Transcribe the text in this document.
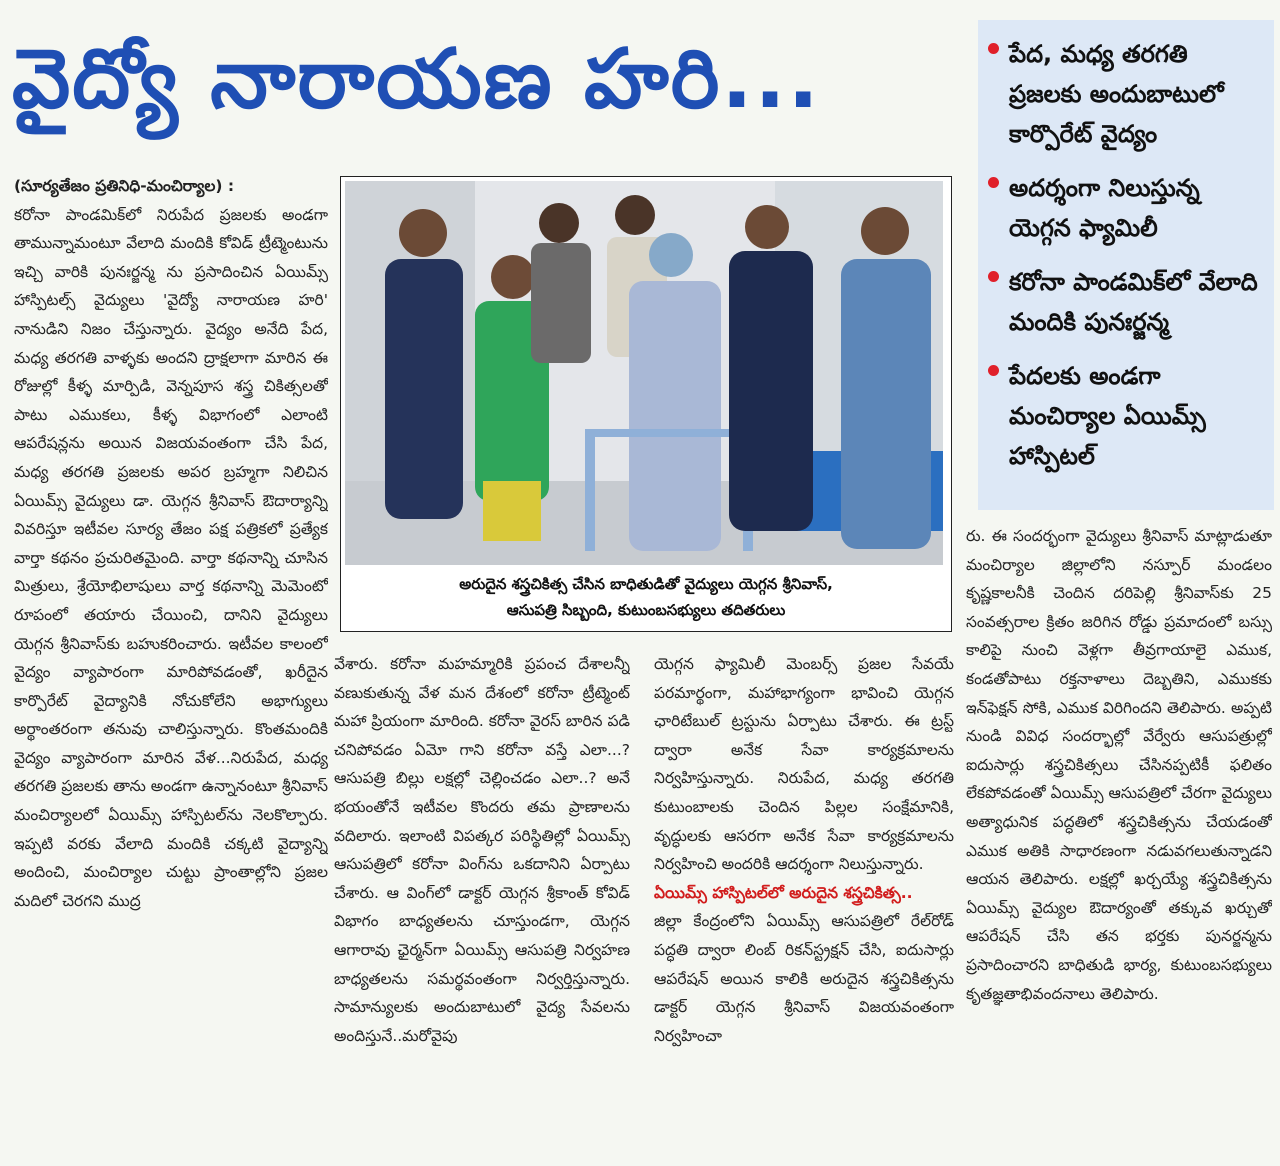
వైద్యో నారాయణ హరి...	పేద, మధ్య తరగతి ప్రజలకు అందుబాటులో కార్పొరేట్ వైద్యం
అదర్శంగా నిలుస్తున్న యెగ్గన ఫ్యామిలీ
కరోనా పాండమిక్‌లో వేలాది మందికి పునఃర్జన్మ
పేదలకు అండగా మంచిర్యాల ఏయిమ్స్ హాస్పిటల్

(సూర్యతేజం ప్రతినిధి-మంచిర్యాల) :

కరోనా పాండమిక్‌లో నిరుపేద ప్రజలకు అండగా తామున్నామంటూ వేలాది మందికి కోవిడ్ ట్రీట్మెంటును ఇచ్చి వారికి పునఃర్జన్మ ను ప్రసాదించిన ఏయిమ్స్ హాస్పిటల్స్ వైద్యులు 'వైద్యో నారాయణ హరి' నానుడిని నిజం చేస్తున్నారు. వైద్యం అనేది పేద, మధ్య తరగతి వాళ్ళకు అందని ద్రాక్షలాగా మారిన ఈ రోజుల్లో కీళ్ళ మార్పిడి, వెన్నపూస శస్త్ర చికిత్సలతో పాటు ఎముకలు, కీళ్ళ విభాగంలో ఎలాంటి ఆపరేషన్లను అయిన విజయవంతంగా చేసి పేద, మధ్య తరగతి ప్రజలకు అపర బ్రహ్మగా నిలిచిన ఏయిమ్స్ వైద్యులు డా. యెగ్గన శ్రీనివాస్ ఔదార్యాన్ని వివరిస్తూ ఇటీవల సూర్య తేజం పక్ష పత్రికలో ప్రత్యేక వార్తా కథనం ప్రచురితమైంది. వార్తా కథనాన్ని చూసిన మిత్రులు, శ్రేయోభిలాషులు వార్త కథనాన్ని మెమెంటో రూపంలో తయారు చేయించి, దానిని వైద్యులు యెగ్గన శ్రీనివాస్‌కు బహుకరించారు. ఇటీవల కాలంలో వైద్యం వ్యాపారంగా మారిపోవడంతో, ఖరీదైన కార్పొరేట్ వైద్యానికి నోచుకోలేని అభాగ్యులు అర్థాంతరంగా తనువు చాలిస్తున్నారు. కొంతమందికి వైద్యం వ్యాపారంగా మారిన వేళ...నిరుపేద, మధ్య తరగతి ప్రజలకు తాను అండగా ఉన్నానంటూ శ్రీనివాస్ మంచిర్యాలలో ఏయిమ్స్ హాస్పిటల్‌ను నెలకొల్పారు. ఇప్పటి వరకు వేలాది మందికి చక్కటి వైద్యాన్ని అందించి, మంచిర్యాల చుట్టు ప్రాంతాల్లోని ప్రజల మదిలో చెరగని ముద్ర

అరుదైన శస్త్రచికిత్స చేసిన బాధితుడితో వైద్యులు యెగ్గన శ్రీనివాస్,
ఆసుపత్రి సిబ్బంది, కుటుంబసభ్యులు తదితరులు

వేశారు. కరోనా మహమ్మారికి ప్రపంచ దేశాలన్నీ వణుకుతున్న వేళ మన దేశంలో కరోనా ట్రీట్మెంట్ మహా ప్రియంగా మారింది. కరోనా వైరస్ బారిన పడి చనిపోవడం ఏమో గాని కరోనా వస్తే ఎలా...? ఆసుపత్రి బిల్లు లక్షల్లో చెల్లించడం ఎలా..? అనే భయంతోనే ఇటీవల కొందరు తమ ప్రాణాలను వదిలారు. ఇలాంటి విపత్కర పరిస్థితిల్లో ఏయిమ్స్ ఆసుపత్రిలో కరోనా వింగ్‌ను ఒకదానిని ఏర్పాటు చేశారు. ఆ వింగ్‌లో డాక్టర్ యెగ్గన శ్రీకాంత్ కోవిడ్ విభాగం బాధ్యతలను చూస్తుండగా, యెగ్గన ఆగారావు ఛైర్మన్‌గా ఏయిమ్స్ ఆసుపత్రి నిర్వహణ బాధ్యతలను సమర్థవంతంగా నిర్వర్తిస్తున్నారు. సామాన్యులకు అందుబాటులో వైద్య సేవలను అందిస్తునే..మరోవైపు

యెగ్గన ఫ్యామిలీ మెంబర్స్ ప్రజల సేవయే పరమార్థంగా, మహాభాగ్యంగా భావించి యెగ్గన ఛారిటేబుల్ ట్రస్టును ఏర్పాటు చేశారు. ఈ ట్రస్ట్ ద్వారా అనేక సేవా కార్యక్రమాలను నిర్వహిస్తున్నారు. నిరుపేద, మధ్య తరగతి కుటుంబాలకు చెందిన పిల్లల సంక్షేమానికి, వృద్ధులకు ఆసరగా అనేక సేవా కార్యక్రమాలను నిర్వహించి అందరికి ఆదర్శంగా నిలుస్తున్నారు.

ఏయిమ్స్ హాస్పిటల్‌లో అరుదైన శస్త్రచికిత్స..

జిల్లా కేంద్రంలోని ఏయిమ్స్ ఆసుపత్రిలో రేల్‌రోడ్ పద్ధతి ద్వారా లింబ్ రికన్‌స్ట్రక్షన్ చేసి, ఐదుసార్లు ఆపరేషన్ అయిన కాలికి అరుదైన శస్త్రచికిత్సను డాక్టర్ యెగ్గన శ్రీనివాస్ విజయవంతంగా నిర్వహించా

రు. ఈ సందర్భంగా వైద్యులు శ్రీనివాస్ మాట్లాడుతూ మంచిర్యాల జిల్లాలోని నస్పూర్ మండలం కృష్ణకాలనీకి చెందిన దరిపెల్లి శ్రీనివాస్‌కు 25 సంవత్సరాల క్రితం జరిగిన రోడ్డు ప్రమాదంలో బస్సు కాలిపై నుంచి వెళ్లగా తీవ్రగాయాలై ఎముక, కండతోపాటు రక్తనాళాలు దెబ్బతిని, ఎముకకు ఇన్‌ఫెక్షన్ సోకి, ఎముక విరిగిందని తెలిపారు. అప్పటి నుండి వివిధ సందర్భాల్లో వేర్వేరు ఆసుపత్రుల్లో ఐదుసార్లు శస్త్రచికిత్సలు చేసినప్పటికీ ఫలితం లేకపోవడంతో ఏయిమ్స్ ఆసుపత్రిలో చేరగా వైద్యులు అత్యాధునిక పద్ధతిలో శస్త్రచికిత్సను చేయడంతో ఎముక అతికి సాధారణంగా నడువగలుతున్నాడని ఆయన తెలిపారు. లక్షల్లో ఖర్చయ్యే శస్త్రచికిత్సను ఏయిమ్స్ వైద్యుల ఔదార్యంతో తక్కువ ఖర్చుతో ఆపరేషన్ చేసి తన భర్తకు పునర్జన్మను ప్రసాదించారని బాధితుడి భార్య, కుటుంబసభ్యులు కృతజ్ఞతాభివందనాలు తెలిపారు.
